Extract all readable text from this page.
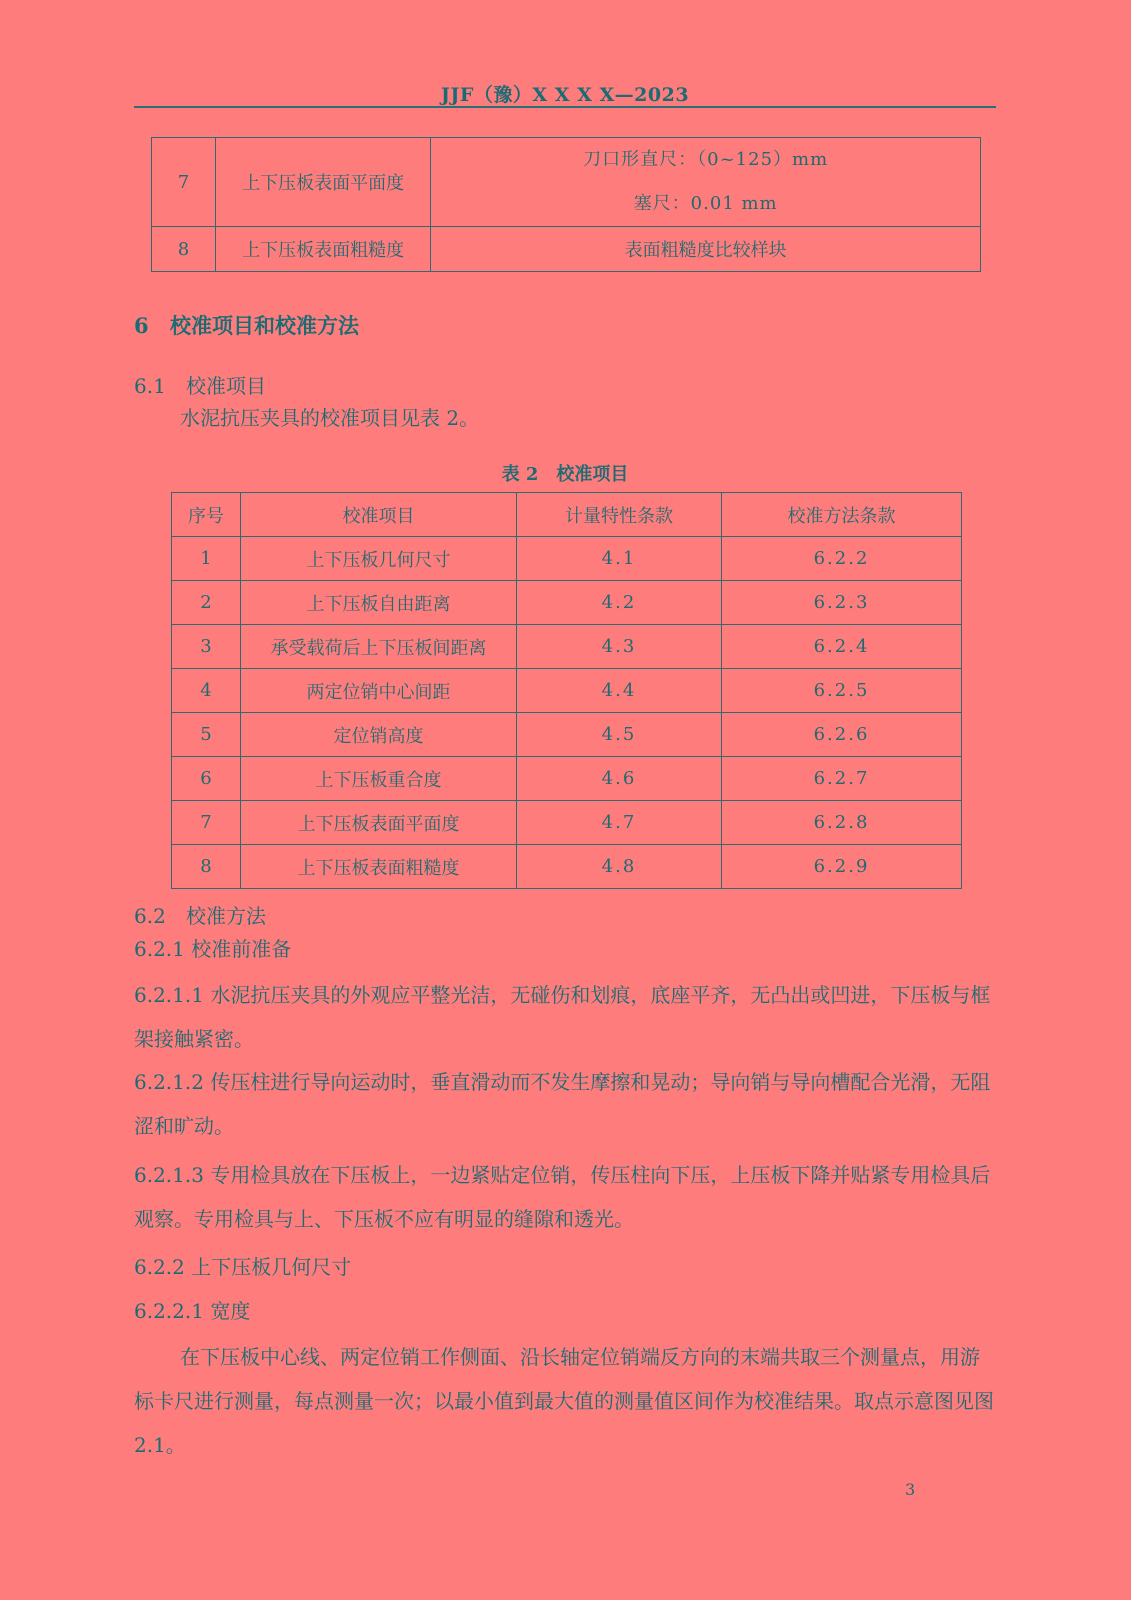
JJF（豫）X X X X—2023
7	上下压板表面平面度	刀口形直尺：（0~125）mm
塞尺：0.01 mm

8	上下压板表面粗糙度	表面粗糙度比较样块
6 校准项目和校准方法
6.1 校准项目
水泥抗压夹具的校准项目见表 2。
表 2　校准项目
序号	校准项目	计量特性条款	校准方法条款
1	上下压板几何尺寸	4.1	6.2.2
2	上下压板自由距离	4.2	6.2.3
3	承受载荷后上下压板间距离	4.3	6.2.4
4	两定位销中心间距	4.4	6.2.5
5	定位销高度	4.5	6.2.6
6	上下压板重合度	4.6	6.2.7
7	上下压板表面平面度	4.7	6.2.8
8	上下压板表面粗糙度	4.8	6.2.9
6.2 校准方法
6.2.1 校准前准备
6.2.1.1 水泥抗压夹具的外观应平整光洁，无碰伤和划痕，底座平齐，无凸出或凹进，下压板与框架接触紧密。
6.2.1.2 传压柱进行导向运动时，垂直滑动而不发生摩擦和晃动；导向销与导向槽配合光滑，无阻涩和旷动。
6.2.1.3 专用检具放在下压板上，一边紧贴定位销，传压柱向下压，上压板下降并贴紧专用检具后观察。专用检具与上、下压板不应有明显的缝隙和透光。
6.2.2 上下压板几何尺寸
6.2.2.1 宽度
在下压板中心线、两定位销工作侧面、沿长轴定位销端反方向的末端共取三个测量点，用游标卡尺进行测量，每点测量一次；以最小值到最大值的测量值区间作为校准结果。取点示意图见图 2.1。
3
